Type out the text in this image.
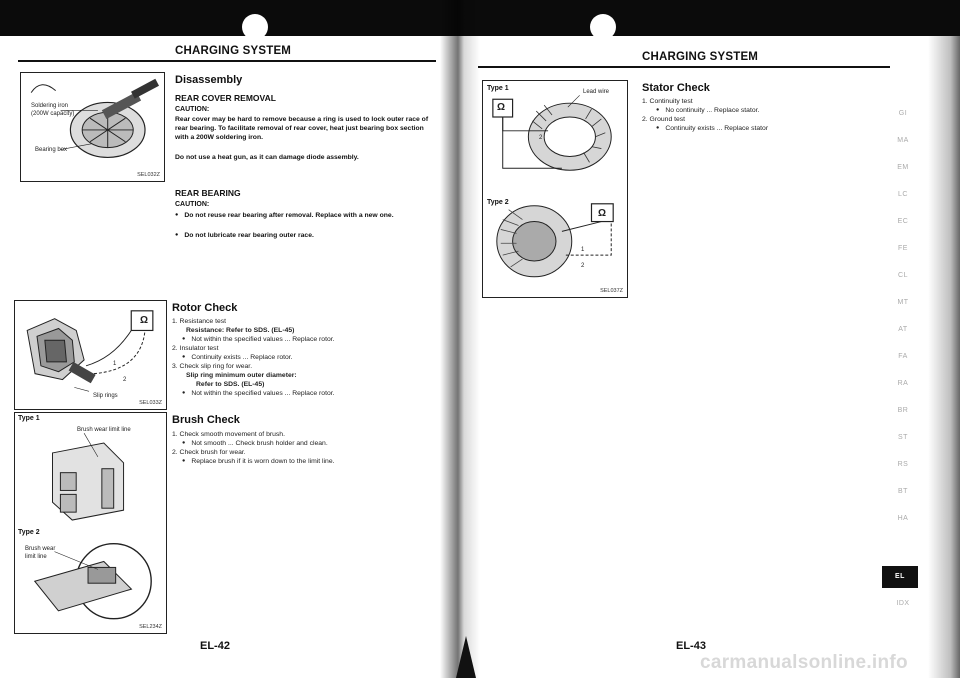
CHARGING SYSTEM
Soldering iron
(200W capacity)
Bearing box
SEL032Z
Disassembly
REAR COVER REMOVAL
CAUTION:
Rear cover may be hard to remove because a ring is used to lock outer race of rear bearing. To facilitate removal of rear cover, heat just bearing box section with a 200W soldering iron.
Do not use a heat gun, as it can damage diode assembly.
REAR BEARING
CAUTION:
● Do not reuse rear bearing after removal. Replace with a new one.
● Do not lubricate rear bearing outer race.
Ω
Slip rings
1
2
SEL033Z
Type 1
Brush wear limit line
Type 2
Brush wear
limit line
SEL234Z
Rotor Check
1. Resistance test
Resistance: Refer to SDS. (EL-45)
● Not within the specified values ... Replace rotor.
2. Insulator test
● Continuity exists ... Replace rotor.
3. Check slip ring for wear.
Slip ring minimum outer diameter:
Refer to SDS. (EL-45)
● Not within the specified values ... Replace rotor.
Brush Check
1. Check smooth movement of brush.
● Not smooth ... Check brush holder and clean.
2. Check brush for wear.
● Replace brush if it is worn down to the limit line.
EL-42
CHARGING SYSTEM
Type 1	Lead wire
Ω
2
Type 2
Ω
1
2
SEL037Z
Stator Check
1. Continuity test
● No continuity ... Replace stator.
2. Ground test
● Continuity exists ... Replace stator
GI
MA
EM
LC
EC
FE
CL
MT
AT
FA
RA
BR
ST
RS
BT
HA
EL
IDX
EL-43
carmanualsonline.info
